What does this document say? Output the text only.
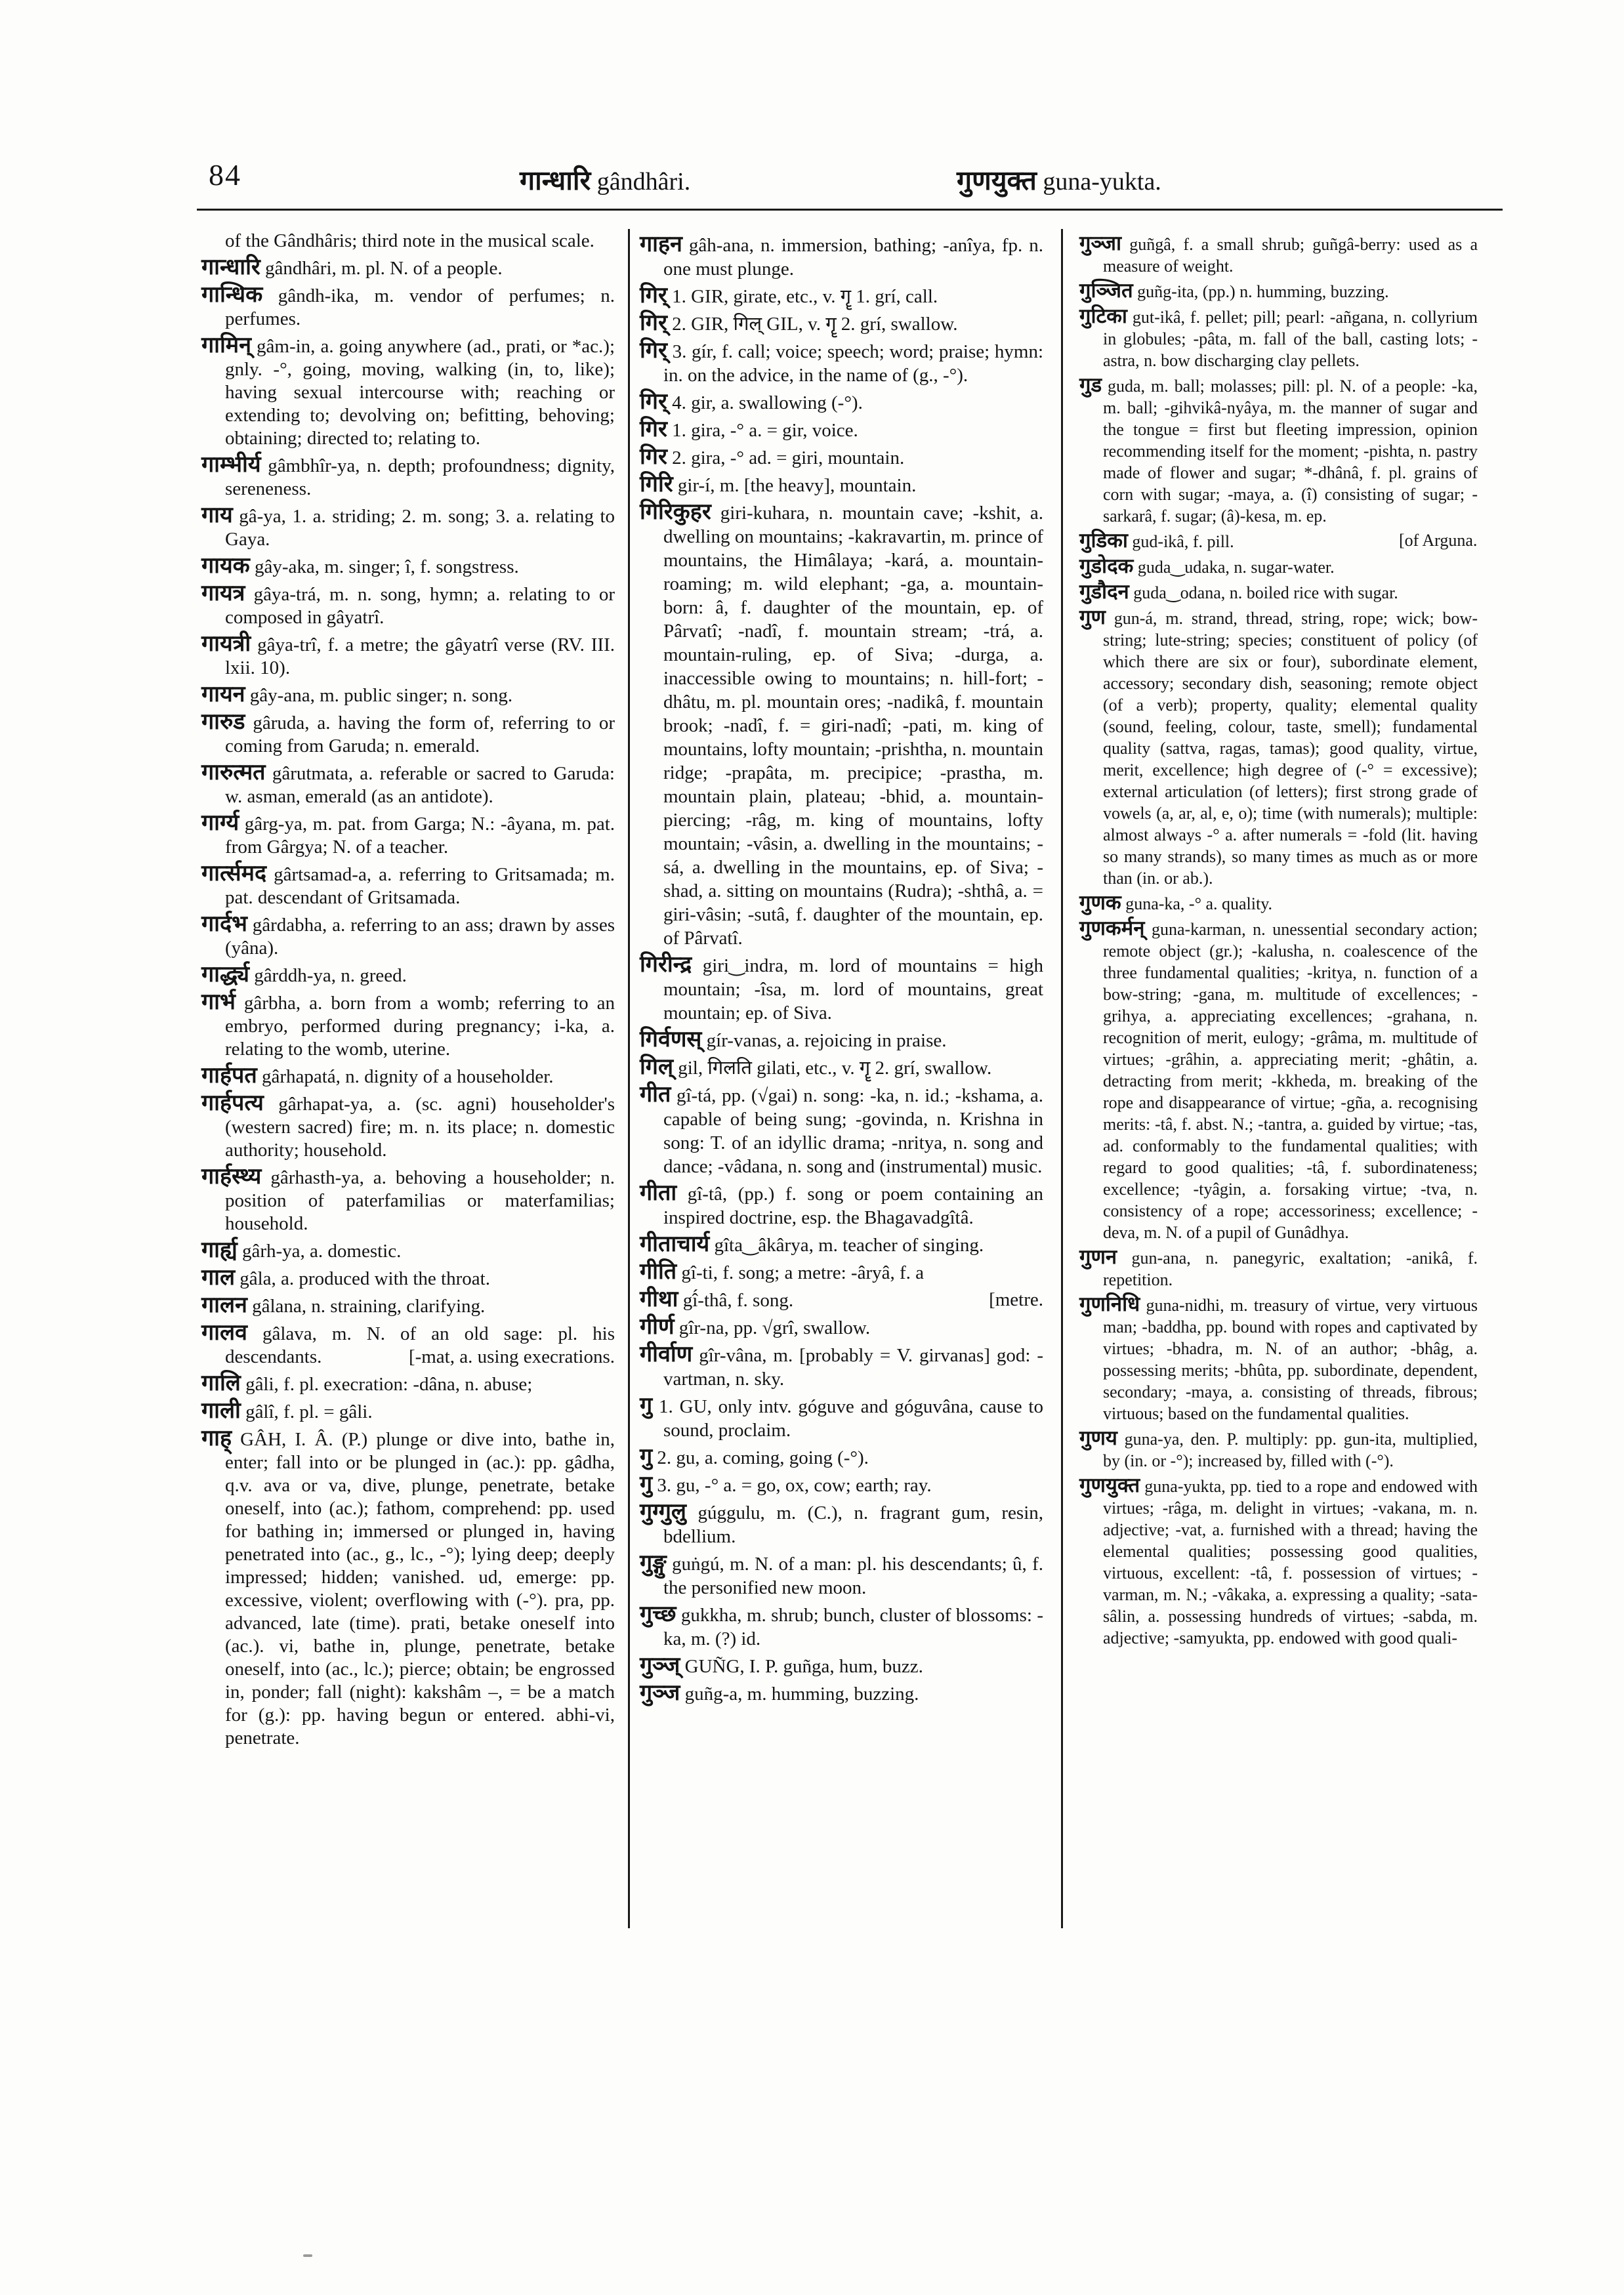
84	गान्धारि gândhâri.	गुणयुक्त guna-yukta.

of the Gândhâris; third note in the musical scale.

गान्धारि gândhâri, m. pl. N. of a people.

गान्धिक gândh-ika, m. vendor of perfumes; n. perfumes.

गामिन् gâm-in, a. going anywhere (ad., prati, or *ac.); gnly. -°, going, moving, walking (in, to, like); having sexual intercourse with; reaching or extending to; devolving on; befitting, behoving; obtaining; directed to; relating to.

गाम्भीर्य gâmbhîr-ya, n. depth; profoundness; dignity, sereneness.

गाय gâ-ya, 1. a. striding; 2. m. song; 3. a. relating to Gaya.

गायक gây-aka, m. singer; î, f. songstress.

गायत्र gâya-trá, m. n. song, hymn; a. relating to or composed in gâyatrî.

गायत्री gâya-trî, f. a metre; the gâyatrî verse (RV. III. lxii. 10).

गायन gây-ana, m. public singer; n. song.

गारुड gâruda, a. having the form of, referring to or coming from Garuda; n. emerald.

गारुत्मत gârutmata, a. referable or sacred to Garuda: w. asman, emerald (as an antidote).

गार्ग्य gârg-ya, m. pat. from Garga; N.: -âyana, m. pat. from Gârgya; N. of a teacher.

गार्त्समद gârtsamad-a, a. referring to Gritsamada; m. pat. descendant of Gritsamada.

गार्दभ gârdabha, a. referring to an ass; drawn by asses (yâna).

गार्द्ध्य gârddh-ya, n. greed.

गार्भ gârbha, a. born from a womb; referring to an embryo, performed during pregnancy; i-ka, a. relating to the womb, uterine.

गार्हपत gârhapatá, n. dignity of a householder.

गार्हपत्य gârhapat-ya, a. (sc. agni) householder's (western sacred) fire; m. n. its place; n. domestic authority; household.

गार्हस्थ्य gârhasth-ya, a. behoving a householder; n. position of paterfamilias or materfamilias; household.

गार्ह्य gârh-ya, a. domestic.

गाल gâla, a. produced with the throat.

गालन gâlana, n. straining, clarifying.

गालव gâlava, m. N. of an old sage: pl. his descendants.	[-mat, a. using execrations.

गालि gâli, f. pl. execration: -dâna, n. abuse;

गाली gâlî, f. pl. = gâli.

गाह् GÂH, I. Â. (P.) plunge or dive into, bathe in, enter; fall into or be plunged in (ac.): pp. gâdha, q.v. ava or va, dive, plunge, penetrate, betake oneself, into (ac.); fathom, comprehend: pp. used for bathing in; immersed or plunged in, having penetrated into (ac., g., lc., -°); lying deep; deeply impressed; hidden; vanished. ud, emerge: pp. excessive, violent; overflowing with (-°). pra, pp. advanced, late (time). prati, betake oneself into (ac.). vi, bathe in, plunge, penetrate, betake oneself, into (ac., lc.); pierce; obtain; be engrossed in, ponder; fall (night): kakshâm –, = be a match for (g.): pp. having begun or entered. abhi-vi, penetrate.

गाहन gâh-ana, n. immersion, bathing; -anîya, fp. n. one must plunge.

गिर् 1. GIR, girate, etc., v. गॄ 1. grí, call.

गिर् 2. GIR, गिल् GIL, v. गॄ 2. grí, swallow.

गिर् 3. gír, f. call; voice; speech; word; praise; hymn: in. on the advice, in the name of (g., -°).

गिर् 4. gir, a. swallowing (-°).

गिर 1. gira, -° a. = gir, voice.

गिर 2. gira, -° ad. = giri, mountain.

गिरि gir-í, m. [the heavy], mountain.

गिरिकुहर giri-kuhara, n. mountain cave; -kshit, a. dwelling on mountains; -kakravartin, m. prince of mountains, the Himâlaya; -kará, a. mountain-roaming; m. wild elephant; -ga, a. mountain-born: â, f. daughter of the mountain, ep. of Pârvatî; -nadî, f. mountain stream; -trá, a. mountain-ruling, ep. of Siva; -durga, a. inaccessible owing to mountains; n. hill-fort; -dhâtu, m. pl. mountain ores; -nadikâ, f. mountain brook; -nadî, f. = giri-nadî; -pati, m. king of mountains, lofty mountain; -prishtha, n. mountain ridge; -prapâta, m. precipice; -prastha, m. mountain plain, plateau; -bhid, a. mountain-piercing; -râg, m. king of mountains, lofty mountain; -vâsin, a. dwelling in the mountains; -sá, a. dwelling in the mountains, ep. of Siva; -shad, a. sitting on mountains (Rudra); -shthâ, a. = giri-vâsin; -sutâ, f. daughter of the mountain, ep. of Pârvatî.

गिरीन्द्र giri‿indra, m. lord of mountains = high mountain; -îsa, m. lord of mountains, great mountain; ep. of Siva.

गिर्वणस् gír-vanas, a. rejoicing in praise.

गिल् gil, गिलति gilati, etc., v. गॄ 2. grí, swallow.

गीत gî-tá, pp. (√gai) n. song: -ka, n. id.; -kshama, a. capable of being sung; -govinda, n. Krishna in song: T. of an idyllic drama; -nritya, n. song and dance; -vâdana, n. song and (instrumental) music.

गीता gî-tâ, (pp.) f. song or poem containing an inspired doctrine, esp. the Bhagavadgîtâ.

गीताचार्य gîta‿âkârya, m. teacher of singing.

गीति gî-ti, f. song; a metre: -âryâ, f. a

गीथा gî́-thâ, f. song.	[metre.

गीर्ण gîr-na, pp. √grî, swallow.

गीर्वाण gîr-vâna, m. [probably = V. girvanas] god: -vartman, n. sky.

गु 1. GU, only intv. góguve and góguvâna, cause to sound, proclaim.

गु 2. gu, a. coming, going (-°).

गु 3. gu, -° a. = go, ox, cow; earth; ray.

गुग्गुलु gúggulu, m. (C.), n. fragrant gum, resin, bdellium.

गुङ्गु guṅgú, m. N. of a man: pl. his descendants; û, f. the personified new moon.

गुच्छ gukkha, m. shrub; bunch, cluster of blossoms: -ka, m. (?) id.

गुञ्ज् GUÑG, I. P. guñga, hum, buzz.

गुञ्ज guñg-a, m. humming, buzzing.

गुञ्जा guñgâ, f. a small shrub; guñgâ-berry: used as a measure of weight.

गुञ्जित guñg-ita, (pp.) n. humming, buzzing.

गुटिका gut-ikâ, f. pellet; pill; pearl: -añgana, n. collyrium in globules; -pâta, m. fall of the ball, casting lots; -astra, n. bow discharging clay pellets.

गुड guda, m. ball; molasses; pill: pl. N. of a people: -ka, m. ball; -gihvikâ-nyâya, m. the manner of sugar and the tongue = first but fleeting impression, opinion recommending itself for the moment; -pishta, n. pastry made of flower and sugar; *-dhânâ, f. pl. grains of corn with sugar; -maya, a. (î) consisting of sugar; -sarkarâ, f. sugar; (â)-kesa, m. ep.

गुडिका gud-ikâ, f. pill.	[of Arguna.

गुडोदक guda‿udaka, n. sugar-water.

गुडौदन guda‿odana, n. boiled rice with sugar.

गुण gun-á, m. strand, thread, string, rope; wick; bow-string; lute-string; species; constituent of policy (of which there are six or four), subordinate element, accessory; secondary dish, seasoning; remote object (of a verb); property, quality; elemental quality (sound, feeling, colour, taste, smell); fundamental quality (sattva, ragas, tamas); good quality, virtue, merit, excellence; high degree of (-° = excessive); external articulation (of letters); first strong grade of vowels (a, ar, al, e, o); time (with numerals); multiple: almost always -° a. after numerals = -fold (lit. having so many strands), so many times as much as or more than (in. or ab.).

गुणक guna-ka, -° a. quality.

गुणकर्मन् guna-karman, n. unessential secondary action; remote object (gr.); -kalusha, n. coalescence of the three fundamental qualities; -kritya, n. function of a bow-string; -gana, m. multitude of excellences; -grihya, a. appreciating excellences; -grahana, n. recognition of merit, eulogy; -grâma, m. multitude of virtues; -grâhin, a. appreciating merit; -ghâtin, a. detracting from merit; -kkheda, m. breaking of the rope and disappearance of virtue; -gña, a. recognising merits: -tâ, f. abst. N.; -tantra, a. guided by virtue; -tas, ad. conformably to the fundamental qualities; with regard to good qualities; -tâ, f. subordinateness; excellence; -tyâgin, a. forsaking virtue; -tva, n. consistency of a rope; accessoriness; excellence; -deva, m. N. of a pupil of Gunâdhya.

गुणन gun-ana, n. panegyric, exaltation; -anikâ, f. repetition.

गुणनिधि guna-nidhi, m. treasury of virtue, very virtuous man; -baddha, pp. bound with ropes and captivated by virtues; -bhadra, m. N. of an author; -bhâg, a. possessing merits; -bhûta, pp. subordinate, dependent, secondary; -maya, a. consisting of threads, fibrous; virtuous; based on the fundamental qualities.

गुणय guna-ya, den. P. multiply: pp. gun-ita, multiplied, by (in. or -°); increased by, filled with (-°).

गुणयुक्त guna-yukta, pp. tied to a rope and endowed with virtues; -râga, m. delight in virtues; -vakana, m. n. adjective; -vat, a. furnished with a thread; having the elemental qualities; possessing good qualities, virtuous, excellent: -tâ, f. possession of virtues; -varman, m. N.; -vâkaka, a. expressing a quality; -sata-sâlin, a. possessing hundreds of virtues; -sabda, m. adjective; -samyukta, pp. endowed with good quali-
